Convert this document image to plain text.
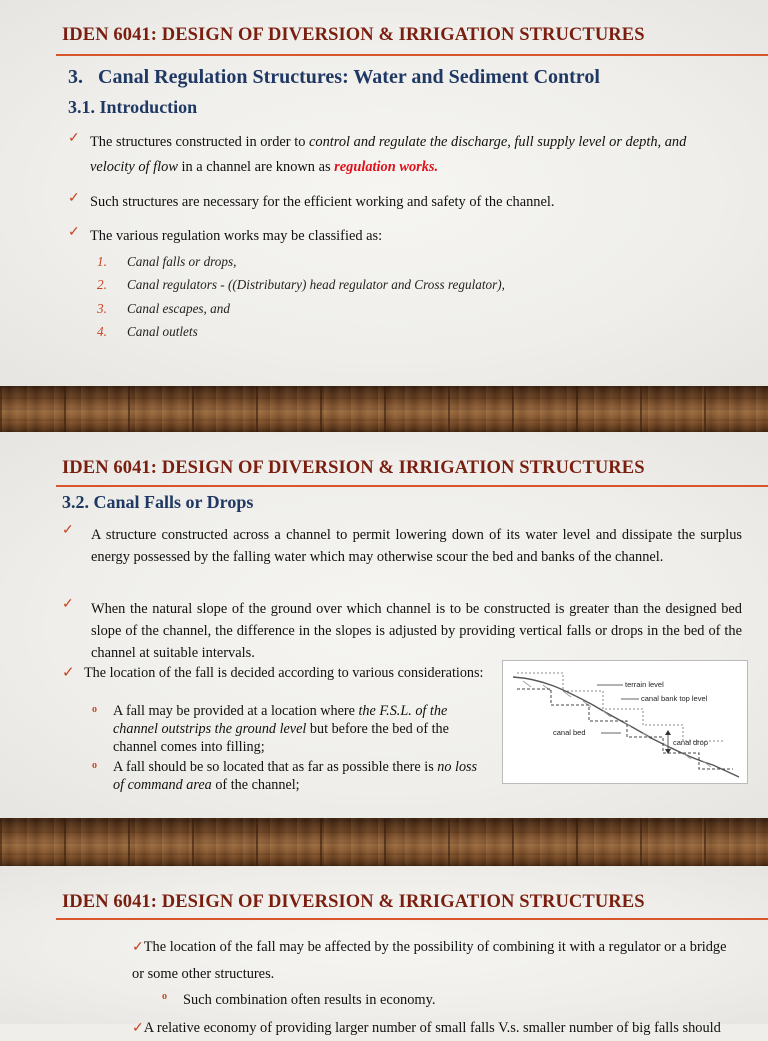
IDEN 6041: DESIGN OF DIVERSION & IRRIGATION STRUCTURES
3. Canal Regulation Structures: Water and Sediment Control
3.1. Introduction
✓ The structures constructed in order to control and regulate the discharge, full supply level or depth, and velocity of flow in a channel are known as regulation works.

✓ Such structures are necessary for the efficient working and safety of the channel.

✓ The various regulation works may be classified as:

1. Canal falls or drops,
2. Canal regulators - ((Distributary) head regulator and Cross regulator),
3. Canal escapes, and
4. Canal outlets
IDEN 6041: DESIGN OF DIVERSION & IRRIGATION STRUCTURES
3.2. Canal Falls or Drops
✓	A structure constructed across a channel to permit lowering down of its water level and dissipate the surplus energy possessed by the falling water which may otherwise scour the bed and banks of the channel.

✓	When the natural slope of the ground over which channel is to be constructed is greater than the designed bed slope of the channel, the difference in the slopes is adjusted by providing vertical falls or drops in the bed of the channel at suitable intervals.

✓ The location of the fall is decided according to various considerations:

o	A fall may be provided at a location where the F.S.L. of the channel outstrips the ground level but before the bed of the channel comes into filling;

o	A fall should be so located that as far as possible there is no loss of command area of the channel;

terrain level
canal bank top level
canal bed
canal drop
IDEN 6041: DESIGN OF DIVERSION & IRRIGATION STRUCTURES

✓The location of the fall may be affected by the possibility of combining it with a regulator or a bridge or some other structures.

o	Such combination often results in economy.

✓A relative economy of providing larger number of small falls V.s. smaller number of big falls should
